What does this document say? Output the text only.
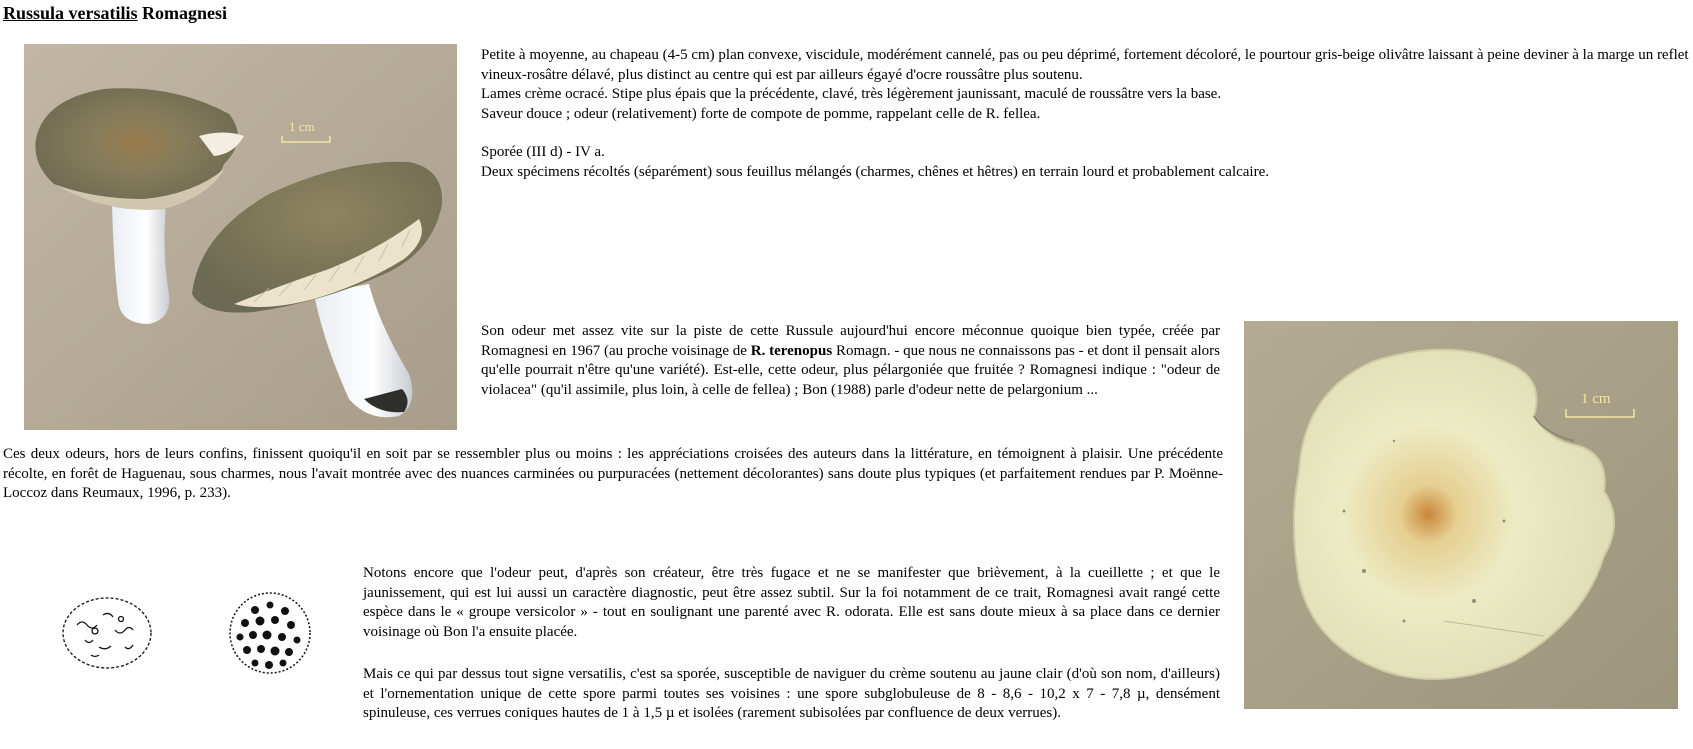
Russula versatilis Romagnesi
1 cm
1 cm

Petite à moyenne, au chapeau (4-5 cm) plan convexe, viscidule, modérément cannelé, pas ou peu déprimé, fortement décoloré, le pourtour gris-beige olivâtre laissant à peine deviner à la marge un reflet vineux-rosâtre délavé, plus distinct au centre qui est par ailleurs égayé d'ocre roussâtre plus soutenu.

Lames crème ocracé. Stipe plus épais que la précédente, clavé, très légèrement jaunissant, maculé de roussâtre vers la base.

Saveur douce ; odeur (relativement) forte de compote de pomme, rappelant celle de R. fellea.

Sporée (III d) - IV a.

Deux spécimens récoltés (séparément) sous feuillus mélangés (charmes, chênes et hêtres) en terrain lourd et probablement calcaire.

Son odeur met assez vite sur la piste de cette Russule aujourd'hui encore méconnue quoique bien typée, créée par Romagnesi en 1967 (au proche voisinage de R. terenopus Romagn. - que nous ne connaissons pas - et dont il pensait alors qu'elle pourrait n'être qu'une variété). Est-elle, cette odeur, plus pélargoniée que fruitée ? Romagnesi indique : "odeur de violacea" (qu'il assimile, plus loin, à celle de fellea) ; Bon (1988) parle d'odeur nette de pelargonium ...
Ces deux odeurs, hors de leurs confins, finissent quoiqu'il en soit par se ressembler plus ou moins : les appréciations croisées des auteurs dans la littérature, en témoignent à plaisir. Une précédente récolte, en forêt de Haguenau, sous charmes, nous l'avait montrée avec des nuances carminées ou purpuracées (nettement décolorantes) sans doute plus typiques (et parfaitement rendues par P. Moënne-Loccoz dans Reumaux, 1996, p. 233).
Notons encore que l'odeur peut, d'après son créateur, être très fugace et ne se manifester que brièvement, à la cueillette ; et que le jaunissement, qui est lui aussi un caractère diagnostic, peut être assez subtil. Sur la foi notamment de ce trait, Romagnesi avait rangé cette espèce dans le « groupe versicolor » - tout en soulignant une parenté avec R. odorata. Elle est sans doute mieux à sa place dans ce dernier voisinage où Bon l'a ensuite placée.
Mais ce qui par dessus tout signe versatilis, c'est sa sporée, susceptible de naviguer du crème soutenu au jaune clair (d'où son nom, d'ailleurs) et l'ornementation unique de cette spore parmi toutes ses voisines : une spore subglobuleuse de 8 - 8,6 - 10,2 x 7 - 7,8 µ, densément spinuleuse, ces verrues coniques hautes de 1 à 1,5 µ et isolées (rarement subisolées par confluence de deux verrues).
